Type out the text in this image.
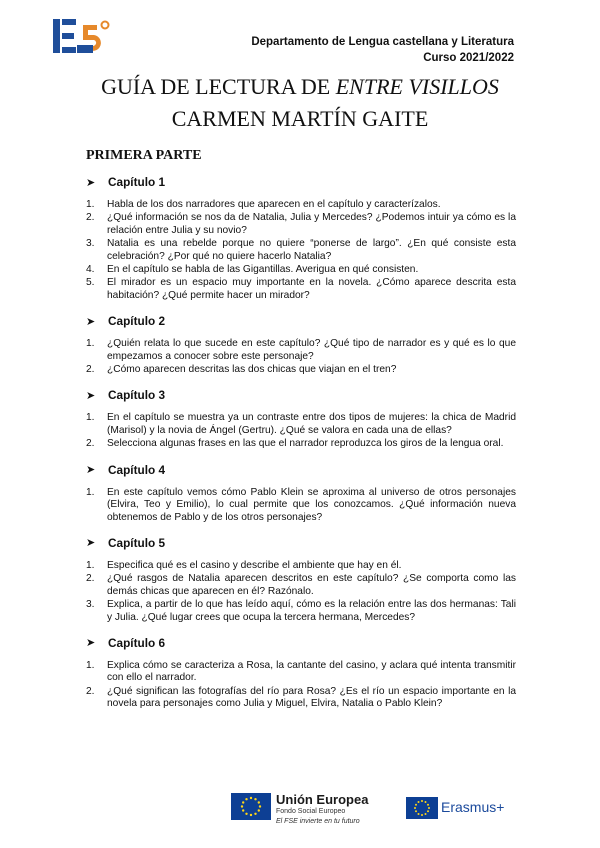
Departamento de Lengua castellana y Literatura
Curso 2021/2022
GUÍA DE LECTURA DE ENTRE VISILLOS
CARMEN MARTÍN GAITE
PRIMERA PARTE
➤	Capítulo 1
1. Habla de los dos narradores que aparecen en el capítulo y caracterízalos.
2. ¿Qué información se nos da de Natalia, Julia y Mercedes? ¿Podemos intuir ya cómo es la relación entre Julia y su novio?
3. Natalia es una rebelde porque no quiere “ponerse de largo”. ¿En qué consiste esta celebración? ¿Por qué no quiere hacerlo Natalia?
4. En el capítulo se habla de las Gigantillas. Averigua en qué consisten.
5. El mirador es un espacio muy importante en la novela. ¿Cómo aparece descrita esta habitación? ¿Qué permite hacer un mirador?
➤	Capítulo 2
1. ¿Quién relata lo que sucede en este capítulo? ¿Qué tipo de narrador es y qué es lo que empezamos a conocer sobre este personaje?
2. ¿Cómo aparecen descritas las dos chicas que viajan en el tren?
➤	Capítulo 3
1. En el capítulo se muestra ya un contraste entre dos tipos de mujeres: la chica de Madrid (Marisol) y la novia de Ángel (Gertru). ¿Qué se valora en cada una de ellas?
2. Selecciona algunas frases en las que el narrador reproduzca los giros de la lengua oral.
➤	Capítulo 4
1. En este capítulo vemos cómo Pablo Klein se aproxima al universo de otros personajes (Elvira, Teo y Emilio), lo cual permite que los conozcamos. ¿Qué información nueva obtenemos de Pablo y de los otros personajes?
➤	Capítulo 5
1. Especifica qué es el casino y describe el ambiente que hay en él.
2. ¿Qué rasgos de Natalia aparecen descritos en este capítulo? ¿Se comporta como las demás chicas que aparecen en él? Razónalo.
3. Explica, a partir de lo que has leído aquí, cómo es la relación entre las dos hermanas: Tali y Julia. ¿Qué lugar crees que ocupa la tercera hermana, Mercedes?
➤	Capítulo 6
1. Explica cómo se caracteriza a Rosa, la cantante del casino, y aclara qué intenta transmitir con ello el narrador.
2. ¿Qué significan las fotografías del río para Rosa? ¿Es el río un espacio importante en la novela para personajes como Julia y Miguel, Elvira, Natalia o Pablo Klein?
Unión Europea
Fondo Social Europeo
El FSE invierte en tu futuro
Erasmus+
